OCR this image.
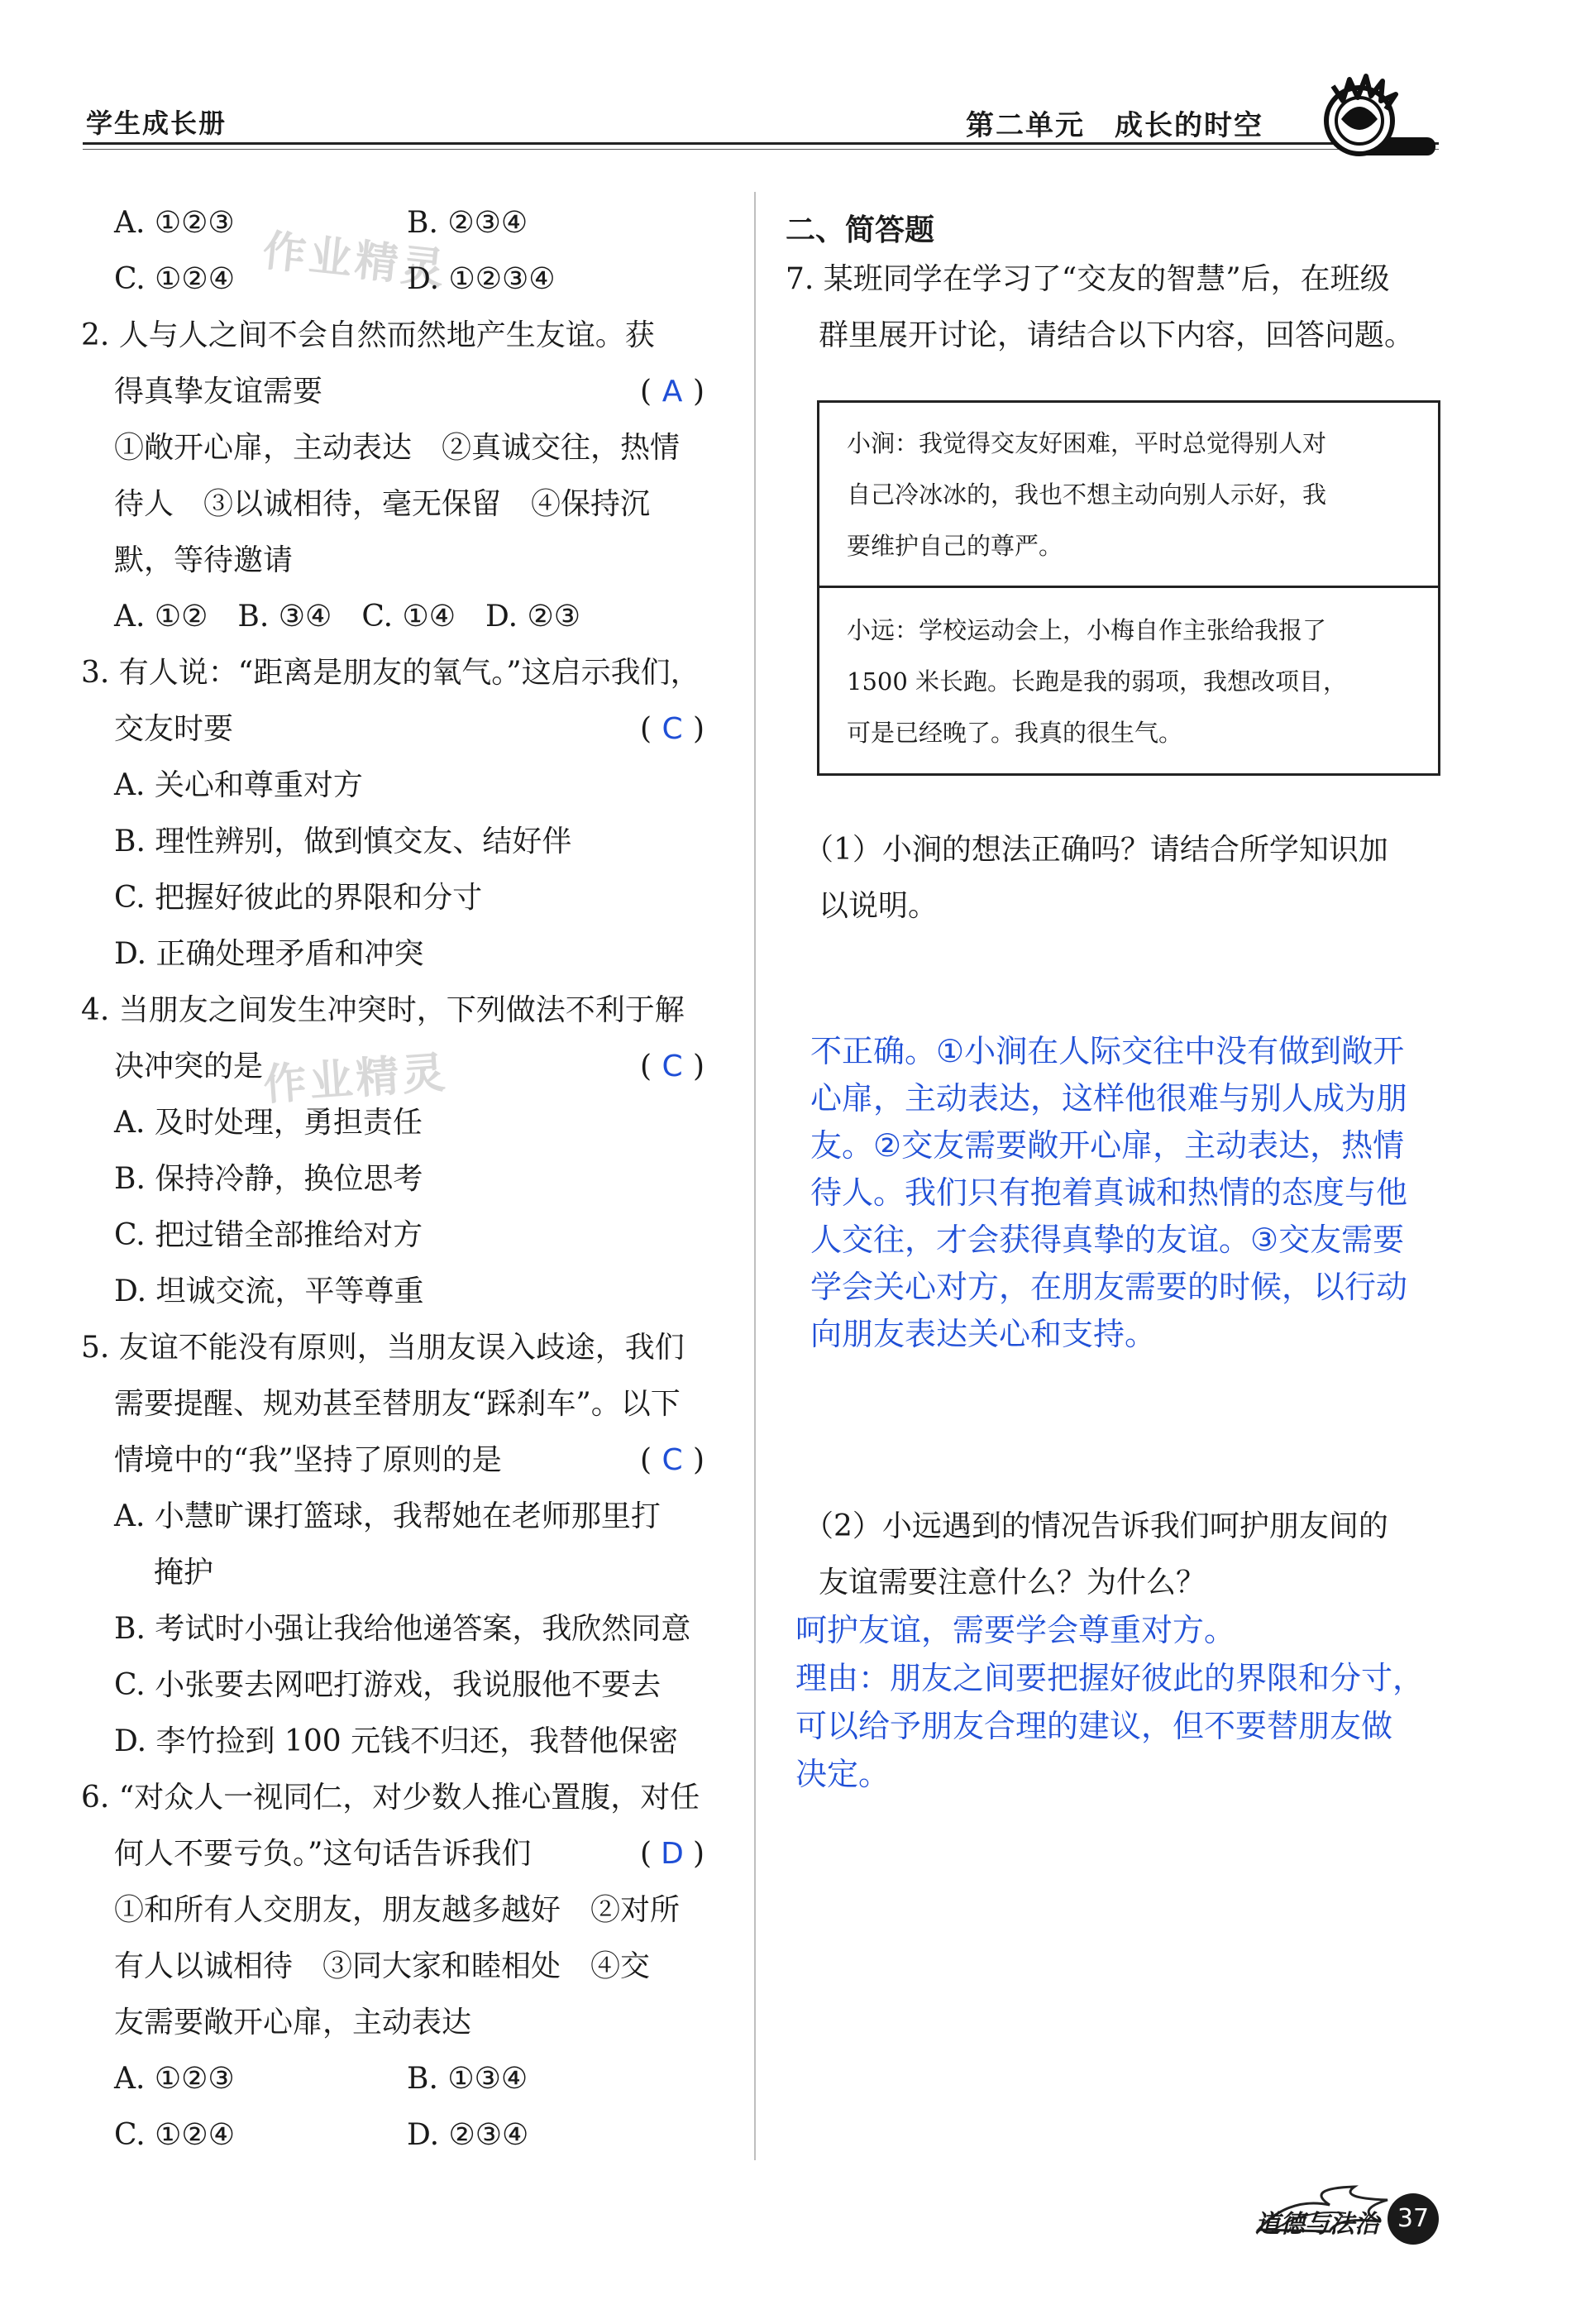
学生成长册	第二单元 成长的时空
作业精灵
作业精灵
A. ①②③	B. ②③④
C. ①②④	D. ①②③④
2. 人与人之间不会自然而然地产生友谊。获
得真挚友谊需要	( A )
①敞开心扉，主动表达　②真诚交往，热情
待人　③以诚相待，毫无保留　④保持沉
默，等待邀请
A. ①②　B. ③④　C. ①④　D. ②③
3. 有人说：“距离是朋友的氧气。”这启示我们，
交友时要	( C )
A. 关心和尊重对方
B. 理性辨别，做到慎交友、结好伴
C. 把握好彼此的界限和分寸
D. 正确处理矛盾和冲突
4. 当朋友之间发生冲突时，下列做法不利于解
决冲突的是	( C )
A. 及时处理，勇担责任
B. 保持冷静，换位思考
C. 把过错全部推给对方
D. 坦诚交流，平等尊重
5. 友谊不能没有原则，当朋友误入歧途，我们
需要提醒、规劝甚至替朋友“踩刹车”。以下
情境中的“我”坚持了原则的是	( C )
A. 小慧旷课打篮球，我帮她在老师那里打
掩护
B. 考试时小强让我给他递答案，我欣然同意
C. 小张要去网吧打游戏，我说服他不要去
D. 李竹捡到 100 元钱不归还，我替他保密
6. “对众人一视同仁，对少数人推心置腹，对任
何人不要亏负。”这句话告诉我们	( D )
①和所有人交朋友，朋友越多越好　②对所
有人以诚相待　③同大家和睦相处　④交
友需要敞开心扉，主动表达
A. ①②③	B. ①③④
C. ①②④	D. ②③④
二、简答题
7. 某班同学在学习了“交友的智慧”后，在班级
群里展开讨论，请结合以下内容，回答问题。
小涧：我觉得交友好困难，平时总觉得别人对
自己冷冰冰的，我也不想主动向别人示好，我
要维护自己的尊严。
小远：学校运动会上，小梅自作主张给我报了
1500 米长跑。长跑是我的弱项，我想改项目，
可是已经晚了。我真的很生气。
（1）小涧的想法正确吗？请结合所学知识加
以说明。
不正确。①小涧在人际交往中没有做到敞开
心扉，主动表达，这样他很难与别人成为朋
友。②交友需要敞开心扉，主动表达，热情
待人。我们只有抱着真诚和热情的态度与他
人交往，才会获得真挚的友谊。③交友需要
学会关心对方，在朋友需要的时候，以行动
向朋友表达关心和支持。
（2）小远遇到的情况告诉我们呵护朋友间的
友谊需要注意什么？为什么？
呵护友谊，需要学会尊重对方。
理由：朋友之间要把握好彼此的界限和分寸，
可以给予朋友合理的建议，但不要替朋友做
决定。
道德与法治 37
